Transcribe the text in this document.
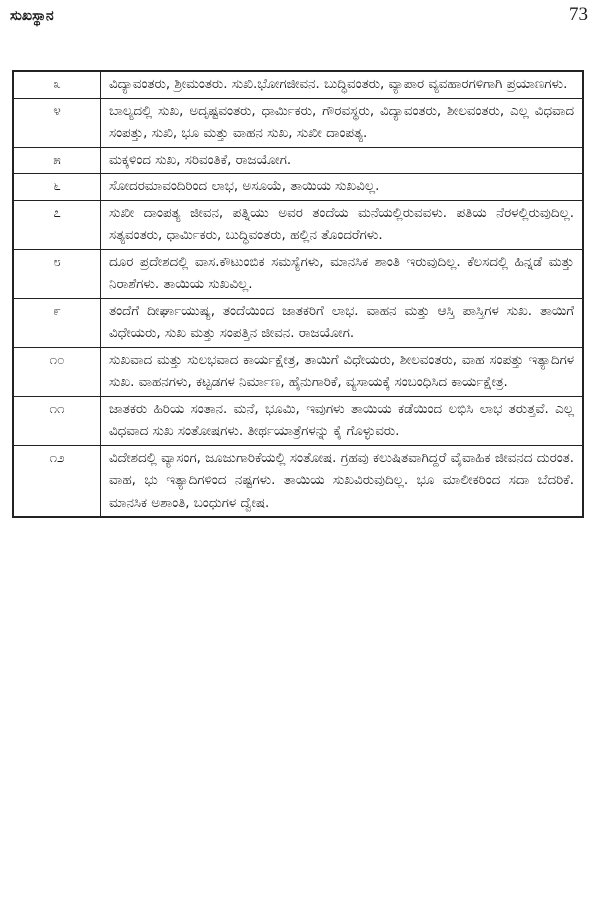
ಸುಖಸ್ಥಾನ	73
೩	ವಿದ್ಯಾವಂತರು, ಶ್ರೀಮಂತರು. ಸುಖಿ.ಭೋಗಜೀವನ. ಬುದ್ಧಿವಂತರು, ವ್ಯಾಪಾರ ವ್ಯವಹಾರಗಳಿಗಾಗಿ ಪ್ರಯಾಣಗಳು.
೪	ಬಾಲ್ಯದಲ್ಲಿ ಸುಖ, ಅದೃಷ್ಟವಂತರು, ಧಾರ್ಮಿಕರು, ಗೌರವಸ್ಥರು, ವಿದ್ಯಾವಂತರು, ಶೀಲವಂತರು, ಎಲ್ಲ ವಿಧವಾದ ಸಂಪತ್ತು, ಸುಖಿ, ಭೂ ಮತ್ತು ವಾಹನ ಸುಖ, ಸುಖೀ ದಾಂಪತ್ಯ.
೫	ಮಕ್ಕಳಿಂದ ಸುಖ, ಸರಿವಂತಿಕೆ, ರಾಜಯೋಗ.
೬	ಸೋದರಮಾವಂದಿರಿಂದ ಲಾಭ, ಅಸೂಯೆ, ತಾಯಿಯ ಸುಖವಿಲ್ಲ.
೭	ಸುಖೀ ದಾಂಪತ್ಯ ಜೀವನ, ಪತ್ನಿಯು ಅವರ ತಂದೆಯ ಮನೆಯಲ್ಲಿರುವವಳು. ಪತಿಯ ನೆರಳಲ್ಲಿರುವುದಿಲ್ಲ. ಸತ್ಯವಂತರು, ಧಾರ್ಮಿಕರು, ಬುದ್ಧಿವಂತರು, ಹಲ್ಲಿನ ತೊಂದರೆಗಳು.
೮	ದೂರ ಪ್ರದೇಶದಲ್ಲಿ ವಾಸ.ಕೌಟುಂಬಿಕ ಸಮಸ್ಯೆಗಳು, ಮಾನಸಿಕ ಶಾಂತಿ ಇರುವುದಿಲ್ಲ. ಕೆಲಸದಲ್ಲಿ ಹಿನ್ನಡೆ ಮತ್ತು ನಿರಾಶೆಗಳು. ತಾಯಿಯ ಸುಖವಿಲ್ಲ.
೯	ತಂದೆಗೆ ದೀರ್ಘಾಯುಷ್ಯ, ತಂದೆಯಿಂದ ಜಾತಕರಿಗೆ ಲಾಭ. ವಾಹನ ಮತ್ತು ಆಸ್ತಿ ಪಾಸ್ತಿಗಳ ಸುಖ. ತಾಯಿಗೆ ವಿಧೇಯರು, ಸುಖ ಮತ್ತು ಸಂಪತ್ತಿನ ಜೀವನ. ರಾಜಯೋಗ.
೧೦	ಸುಖವಾದ ಮತ್ತು ಸುಲಭವಾದ ಕಾರ್ಯಕ್ಷೇತ್ರ, ತಾಯಿಗೆ ವಿಧೇಯರು, ಶೀಲವಂತರು, ವಾಹ ಸಂಪತ್ತು ಇತ್ಯಾದಿಗಳ ಸುಖ. ವಾಹನಗಳು, ಕಟ್ಟಡಗಳ ನಿರ್ಮಾಣ, ಹೈನುಗಾರಿಕೆ, ವ್ಯಸಾಯಕ್ಕೆ ಸಂಬಂಧಿಸಿದ ಕಾರ್ಯಕ್ಷೇತ್ರ.
೧೧	ಜಾತಕರು ಹಿರಿಯ ಸಂತಾನ. ಮನೆ, ಭೂಮಿ, ಇವುಗಳು ತಾಯಿಯ ಕಡೆಯಿಂದ ಲಭಿಸಿ ಲಾಭ ತರುತ್ತವೆ. ಎಲ್ಲ ವಿಧವಾದ ಸುಖ ಸಂತೋಷಗಳು. ತೀರ್ಥಯಾತ್ರೆಗಳನ್ನು ಕೈ ಗೊಳ್ಳುವರು.
೧೨	ವಿದೇಶದಲ್ಲಿ ವ್ಯಾಸಂಗ, ಜೂಜುಗಾರಿಕೆಯಲ್ಲಿ ಸಂತೋಷ. ಗ್ರಹವು ಕಲುಷಿತವಾಗಿದ್ದರೆ ವೈವಾಹಿಕ ಜೀವನದ ದುರಂತ. ವಾಹ, ಭು ಇತ್ಯಾದಿಗಳಿಂದ ನಷ್ಟಗಳು. ತಾಯಿಯ ಸುಖವಿರುವುದಿಲ್ಲ. ಭೂ ಮಾಲೀಕರಿಂದ ಸದಾ ಬೆದರಿಕೆ. ಮಾನಸಿಕ ಅಶಾಂತಿ, ಬಂಧುಗಳ ದ್ವೇಷ.
